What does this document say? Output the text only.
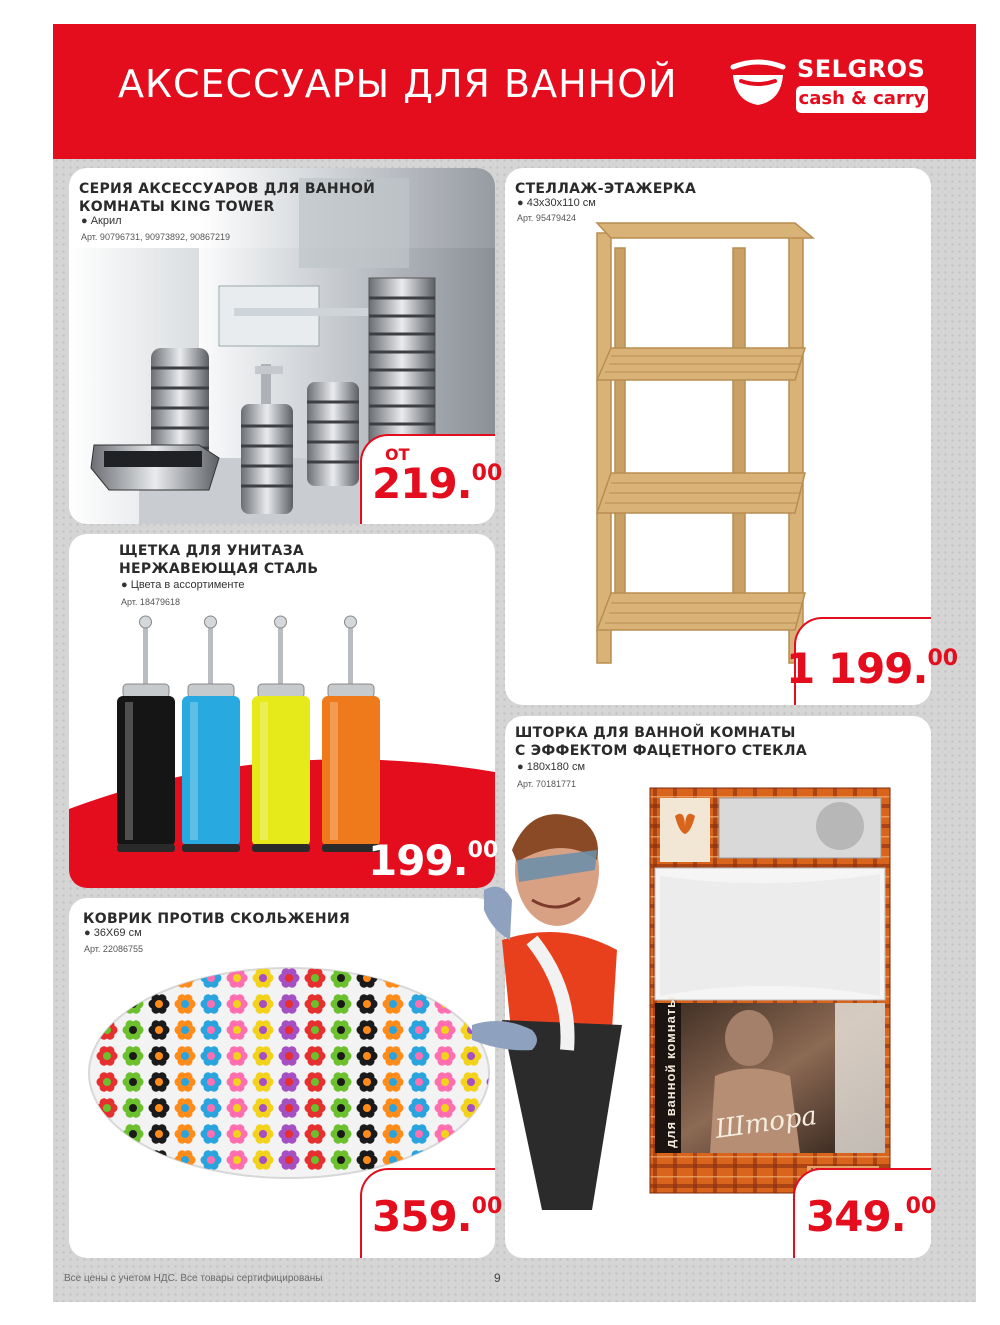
АКСЕССУАРЫ ДЛЯ ВАННОЙ	SELGROS
cash & carry
СЕРИЯ АКСЕССУАРОВ ДЛЯ ВАННОЙ
КОМНАТЫ KING TOWER
● Акрил
Арт. 90796731, 90973892, 90867219
ОТ
219.00
СТЕЛЛАЖ-ЭТАЖЕРКА
● 43x30x110 см
Арт. 95479424
1 199.00
ЩЕТКА ДЛЯ УНИТАЗА
НЕРЖАВЕЮЩАЯ СТАЛЬ
● Цвета в ассортименте
Арт. 18479618
199.00
ШТОРКА ДЛЯ ВАННОЙ КОМНАТЫ
С ЭФФЕКТОМ ФАЦЕТНОГО СТЕКЛА
● 180x180 см
Арт. 70181771
для ванной комнаты Штора
349.00
КОВРИК ПРОТИВ СКОЛЬЖЕНИЯ
● 36X69 см
Арт. 22086755
359.00
Все цены с учетом НДС. Все товары сертифицированы	9
